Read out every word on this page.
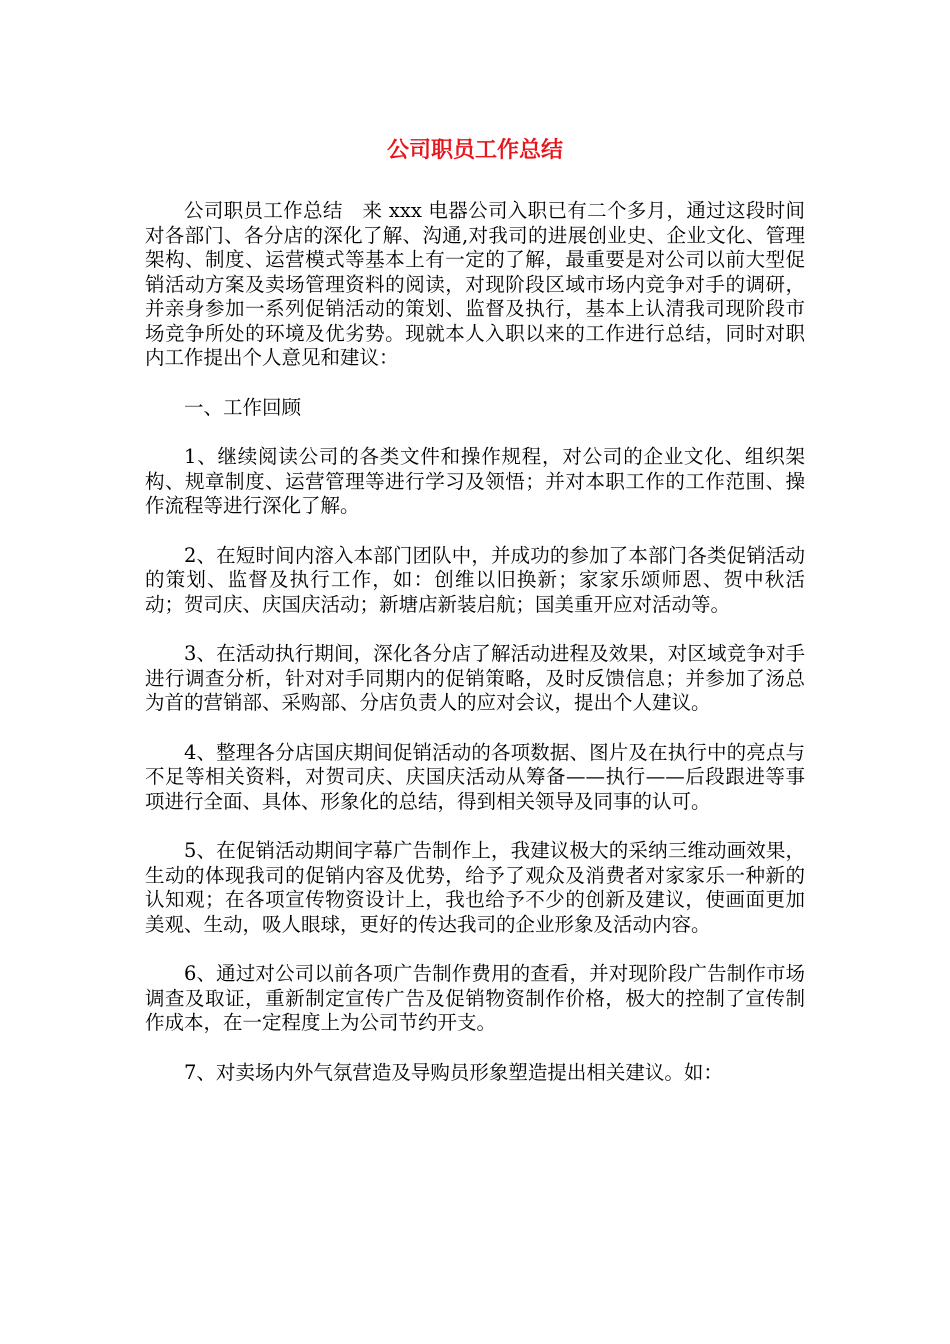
公司职员工作总结

公司职员工作总结　来 xxx 电器公司入职已有二个多月，通过这段时间对各部门、各分店的深化了解、沟通,对我司的进展创业史、企业文化、管理架构、制度、运营模式等基本上有一定的了解，最重要是对公司以前大型促销活动方案及卖场管理资料的阅读，对现阶段区域市场内竞争对手的调研，并亲身参加一系列促销活动的策划、监督及执行，基本上认清我司现阶段市场竞争所处的环境及优劣势。现就本人入职以来的工作进行总结，同时对职内工作提出个人意见和建议：

一、工作回顾

1、继续阅读公司的各类文件和操作规程，对公司的企业文化、组织架构、规章制度、运营管理等进行学习及领悟；并对本职工作的工作范围、操作流程等进行深化了解。

2、在短时间内溶入本部门团队中，并成功的参加了本部门各类促销活动的策划、监督及执行工作，如：创维以旧换新；家家乐颂师恩、贺中秋活动；贺司庆、庆国庆活动；新塘店新装启航；国美重开应对活动等。

3、在活动执行期间，深化各分店了解活动进程及效果，对区域竞争对手进行调查分析，针对对手同期内的促销策略，及时反馈信息；并参加了汤总为首的营销部、采购部、分店负责人的应对会议，提出个人建议。

4、整理各分店国庆期间促销活动的各项数据、图片及在执行中的亮点与不足等相关资料，对贺司庆、庆国庆活动从筹备——执行——后段跟进等事项进行全面、具体、形象化的总结，得到相关领导及同事的认可。

5、在促销活动期间字幕广告制作上，我建议极大的采纳三维动画效果，生动的体现我司的促销内容及优势，给予了观众及消费者对家家乐一种新的认知观；在各项宣传物资设计上，我也给予不少的创新及建议，使画面更加美观、生动，吸人眼球，更好的传达我司的企业形象及活动内容。

6、通过对公司以前各项广告制作费用的查看，并对现阶段广告制作市场调查及取证，重新制定宣传广告及促销物资制作价格，极大的控制了宣传制作成本，在一定程度上为公司节约开支。

7、对卖场内外气氛营造及导购员形象塑造提出相关建议。如：
